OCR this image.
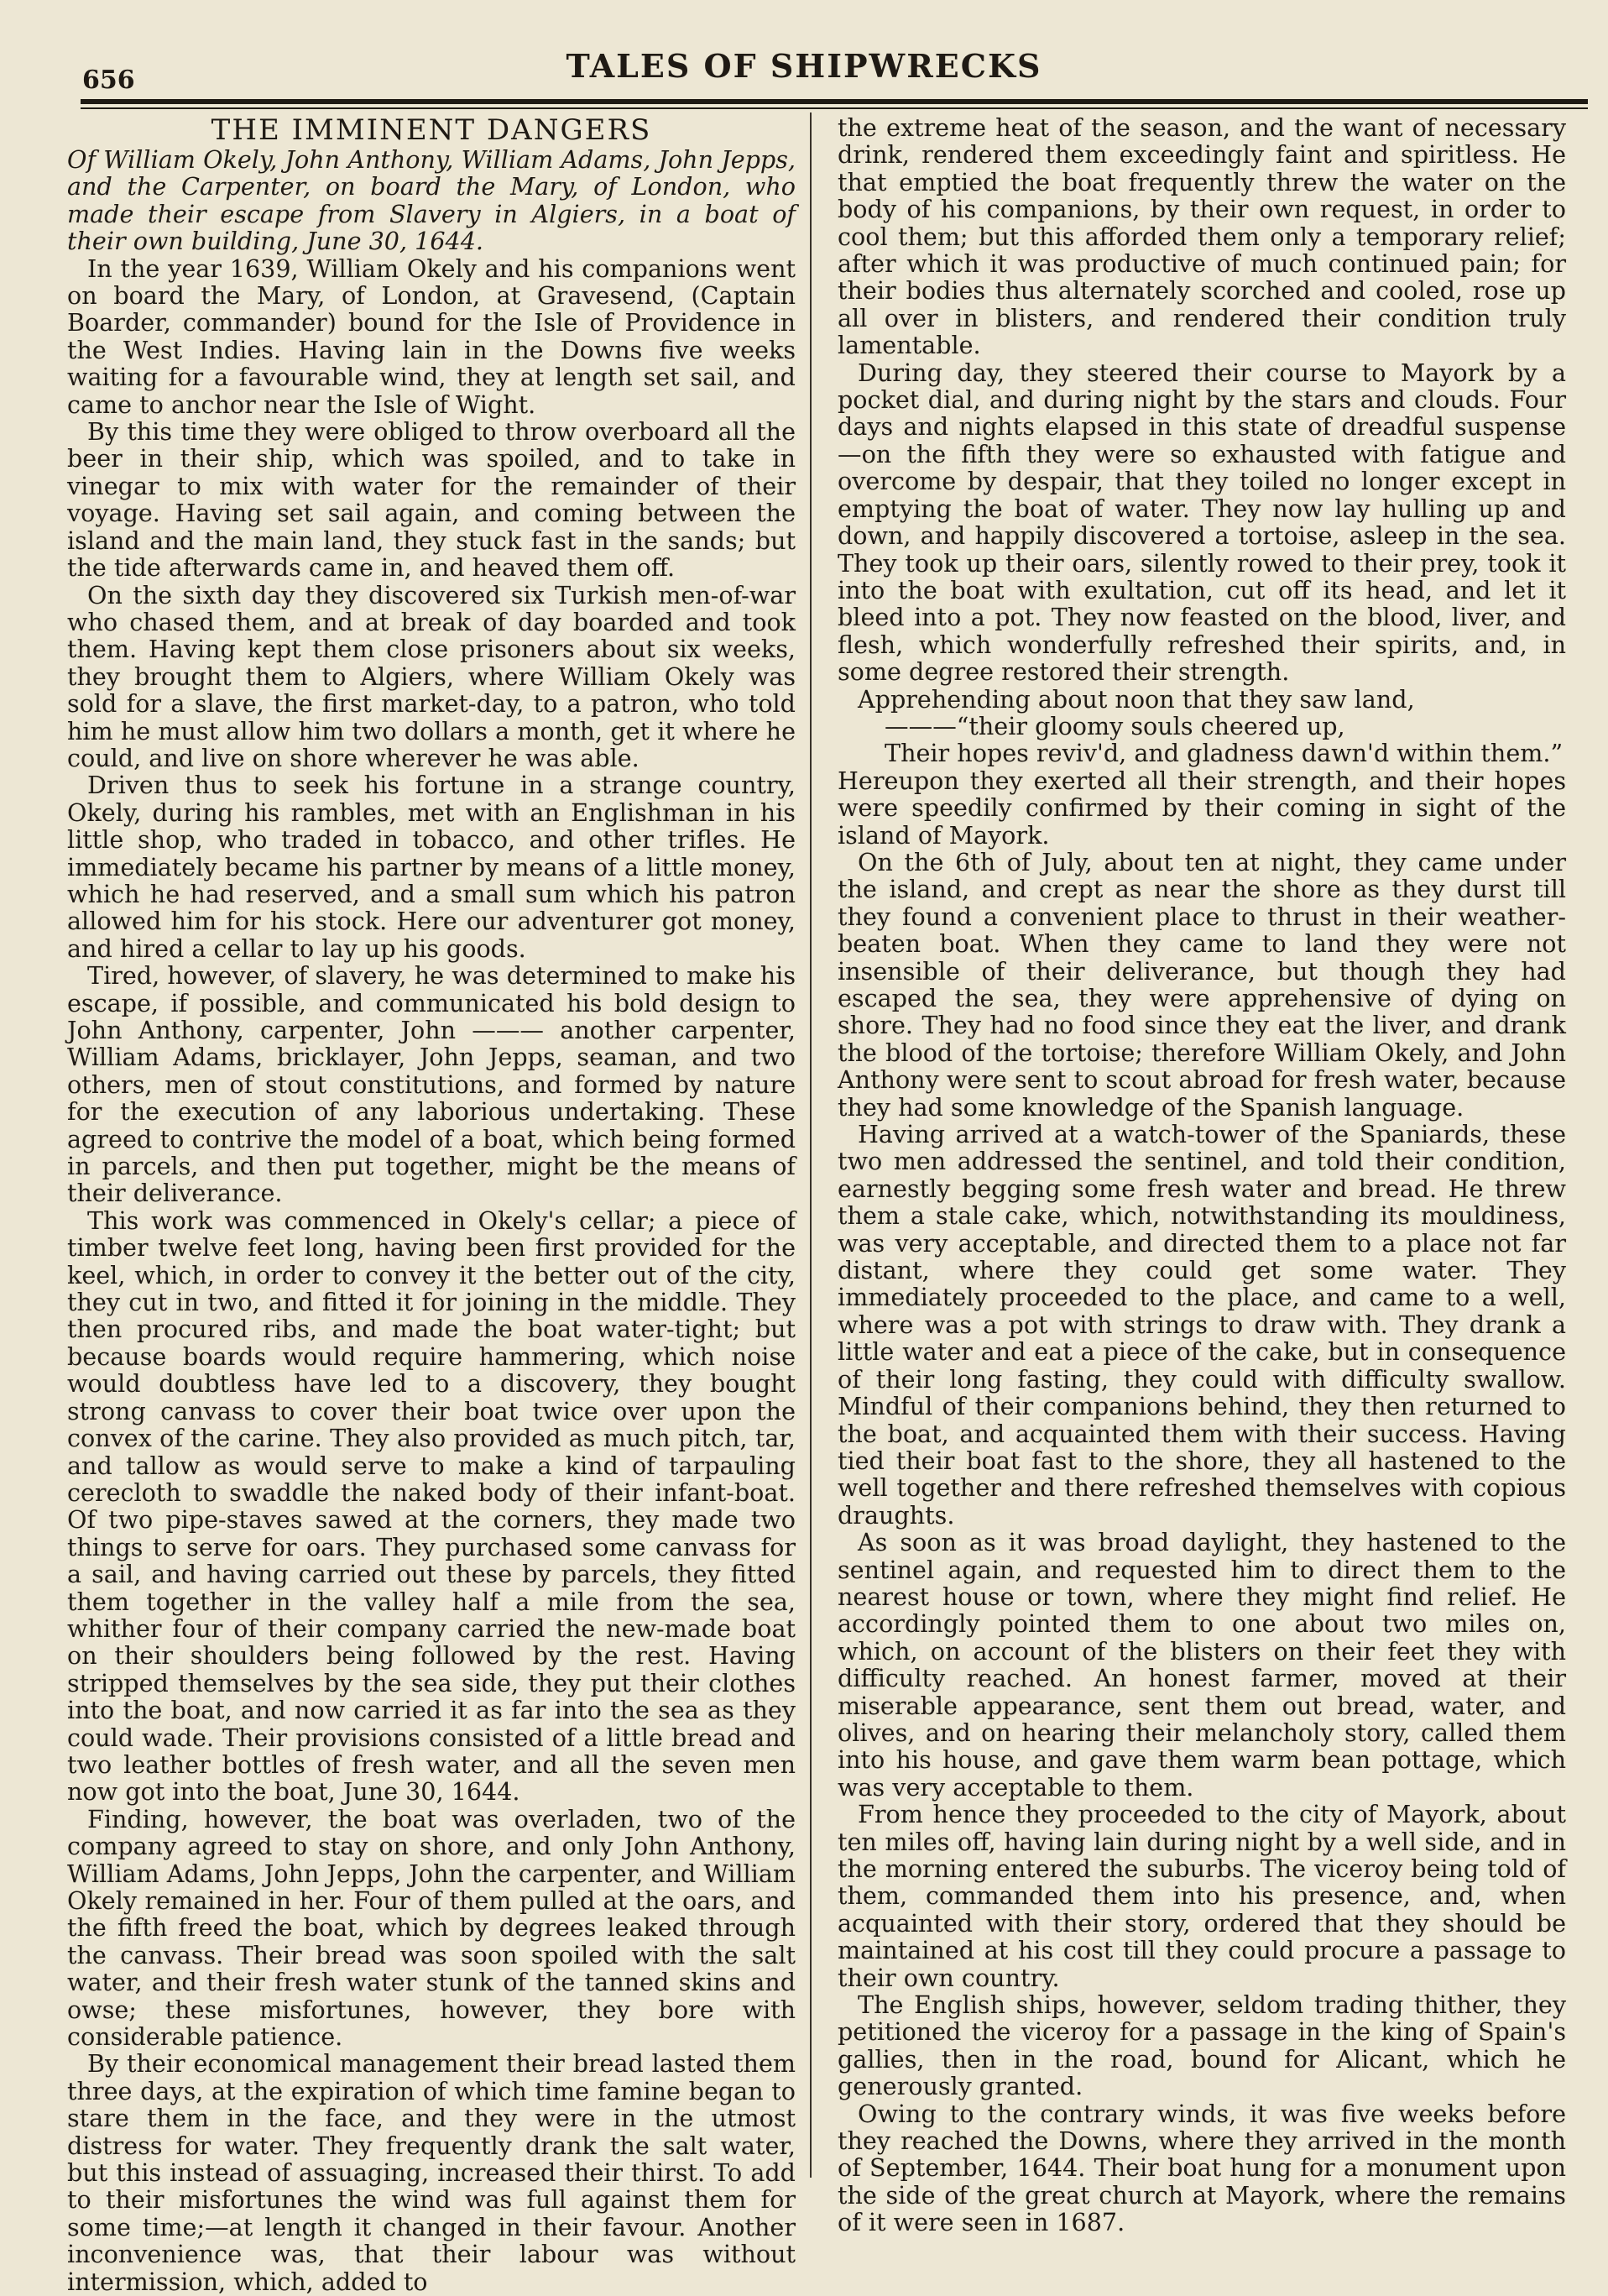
656	TALES OF SHIPWRECKS
THE IMMINENT DANGERS

Of William Okely, John Anthony, William Adams, John Jepps, and the Carpenter, on board the Mary, of London, who made their escape from Slavery in Algiers, in a boat of their own building, June 30, 1644.

In the year 1639, William Okely and his companions went on board the Mary, of London, at Gravesend, (Captain Boarder, commander) bound for the Isle of Providence in the West Indies. Having lain in the Downs five weeks waiting for a favourable wind, they at length set sail, and came to anchor near the Isle of Wight.

By this time they were obliged to throw overboard all the beer in their ship, which was spoiled, and to take in vinegar to mix with water for the remainder of their voyage. Having set sail again, and coming between the island and the main land, they stuck fast in the sands; but the tide afterwards came in, and heaved them off.

On the sixth day they discovered six Turkish men-of-war who chased them, and at break of day boarded and took them. Having kept them close prisoners about six weeks, they brought them to Algiers, where William Okely was sold for a slave, the first market-day, to a patron, who told him he must allow him two dollars a month, get it where he could, and live on shore wherever he was able.

Driven thus to seek his fortune in a strange country, Okely, during his rambles, met with an Englishman in his little shop, who traded in tobacco, and other trifles. He immediately became his partner by means of a little money, which he had reserved, and a small sum which his patron allowed him for his stock. Here our adventurer got money, and hired a cellar to lay up his goods.

Tired, however, of slavery, he was determined to make his escape, if possible, and communicated his bold design to John Anthony, carpenter, John ——— another carpenter, William Adams, bricklayer, John Jepps, seaman, and two others, men of stout constitutions, and formed by nature for the execution of any laborious undertaking. These agreed to contrive the model of a boat, which being formed in parcels, and then put together, might be the means of their deliverance.

This work was commenced in Okely's cellar; a piece of timber twelve feet long, having been first provided for the keel, which, in order to convey it the better out of the city, they cut in two, and fitted it for joining in the middle. They then procured ribs, and made the boat water-tight; but because boards would require hammering, which noise would doubtless have led to a discovery, they bought strong canvass to cover their boat twice over upon the convex of the carine. They also provided as much pitch, tar, and tallow as would serve to make a kind of tarpauling cerecloth to swaddle the naked body of their infant-boat. Of two pipe-staves sawed at the corners, they made two things to serve for oars. They purchased some canvass for a sail, and having carried out these by parcels, they fitted them together in the valley half a mile from the sea, whither four of their company carried the new-made boat on their shoulders being followed by the rest. Having stripped themselves by the sea side, they put their clothes into the boat, and now carried it as far into the sea as they could wade. Their provisions consisted of a little bread and two leather bottles of fresh water, and all the seven men now got into the boat, June 30, 1644.

Finding, however, the boat was overladen, two of the company agreed to stay on shore, and only John Anthony, William Adams, John Jepps, John the carpenter, and William Okely remained in her. Four of them pulled at the oars, and the fifth freed the boat, which by degrees leaked through the canvass. Their bread was soon spoiled with the salt water, and their fresh water stunk of the tanned skins and owse; these misfortunes, however, they bore with considerable patience.

By their economical management their bread lasted them three days, at the expiration of which time famine began to stare them in the face, and they were in the utmost distress for water. They frequently drank the salt water, but this instead of assuaging, increased their thirst. To add to their misfortunes the wind was full against them for some time;—at length it changed in their favour. Another inconvenience was, that their labour was without intermission, which, added to

the extreme heat of the season, and the want of necessary drink, rendered them exceedingly faint and spiritless. He that emptied the boat frequently threw the water on the body of his companions, by their own request, in order to cool them; but this afforded them only a temporary relief; after which it was productive of much continued pain; for their bodies thus alternately scorched and cooled, rose up all over in blisters, and rendered their condition truly lamentable.

During day, they steered their course to Mayork by a pocket dial, and during night by the stars and clouds. Four days and nights elapsed in this state of dreadful suspense—on the fifth they were so exhausted with fatigue and overcome by despair, that they toiled no longer except in emptying the boat of water. They now lay hulling up and down, and happily discovered a tortoise, asleep in the sea. They took up their oars, silently rowed to their prey, took it into the boat with exultation, cut off its head, and let it bleed into a pot. They now feasted on the blood, liver, and flesh, which wonderfully refreshed their spirits, and, in some degree restored their strength.

Apprehending about noon that they saw land,

———“their gloomy souls cheered up,

Their hopes reviv'd, and gladness dawn'd within them.”

Hereupon they exerted all their strength, and their hopes were speedily confirmed by their coming in sight of the island of Mayork.

On the 6th of July, about ten at night, they came under the island, and crept as near the shore as they durst till they found a convenient place to thrust in their weather-beaten boat. When they came to land they were not insensible of their deliverance, but though they had escaped the sea, they were apprehensive of dying on shore. They had no food since they eat the liver, and drank the blood of the tortoise; therefore William Okely, and John Anthony were sent to scout abroad for fresh water, because they had some knowledge of the Spanish language.

Having arrived at a watch-tower of the Spaniards, these two men addressed the sentinel, and told their condition, earnestly begging some fresh water and bread. He threw them a stale cake, which, notwithstanding its mouldiness, was very acceptable, and directed them to a place not far distant, where they could get some water. They immediately proceeded to the place, and came to a well, where was a pot with strings to draw with. They drank a little water and eat a piece of the cake, but in consequence of their long fasting, they could with difficulty swallow. Mindful of their companions behind, they then returned to the boat, and acquainted them with their success. Having tied their boat fast to the shore, they all hastened to the well together and there refreshed themselves with copious draughts.

As soon as it was broad daylight, they hastened to the sentinel again, and requested him to direct them to the nearest house or town, where they might find relief. He accordingly pointed them to one about two miles on, which, on account of the blisters on their feet they with difficulty reached. An honest farmer, moved at their miserable appearance, sent them out bread, water, and olives, and on hearing their melancholy story, called them into his house, and gave them warm bean pottage, which was very acceptable to them.

From hence they proceeded to the city of Mayork, about ten miles off, having lain during night by a well side, and in the morning entered the suburbs. The viceroy being told of them, commanded them into his presence, and, when acquainted with their story, ordered that they should be maintained at his cost till they could procure a passage to their own country.

The English ships, however, seldom trading thither, they petitioned the viceroy for a passage in the king of Spain's gallies, then in the road, bound for Alicant, which he generously granted.

Owing to the contrary winds, it was five weeks before they reached the Downs, where they arrived in the month of September, 1644. Their boat hung for a monument upon the side of the great church at Mayork, where the remains of it were seen in 1687.
